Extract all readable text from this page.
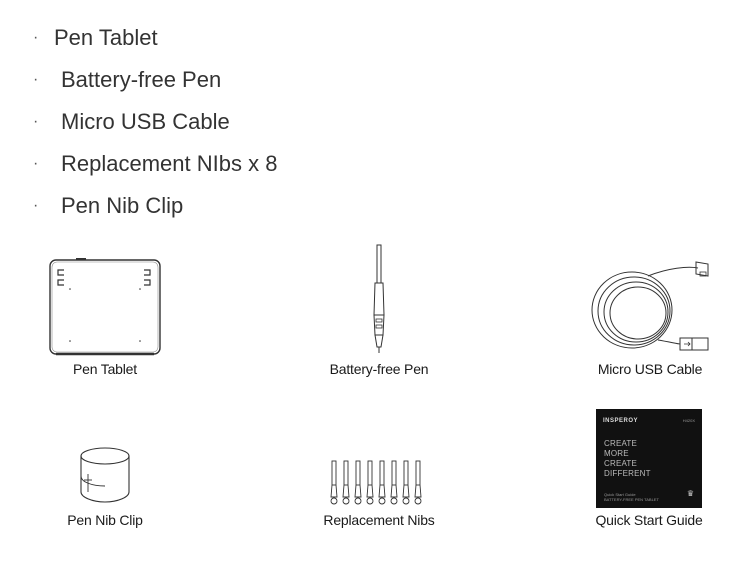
· Pen Tablet
· Battery-free Pen
· Micro USB Cable
· Replacement NIbs x 8
· Pen Nib Clip
Pen Tablet	Battery-free Pen	Micro USB Cable
Pen Nib Clip	Replacement Nibs
INSPEROY	H420X
CREATE
MORE
CREATE
DIFFERENT
Quick Start Guide
BATTERY-FREE PEN TABLET
♛
Quick Start Guide
